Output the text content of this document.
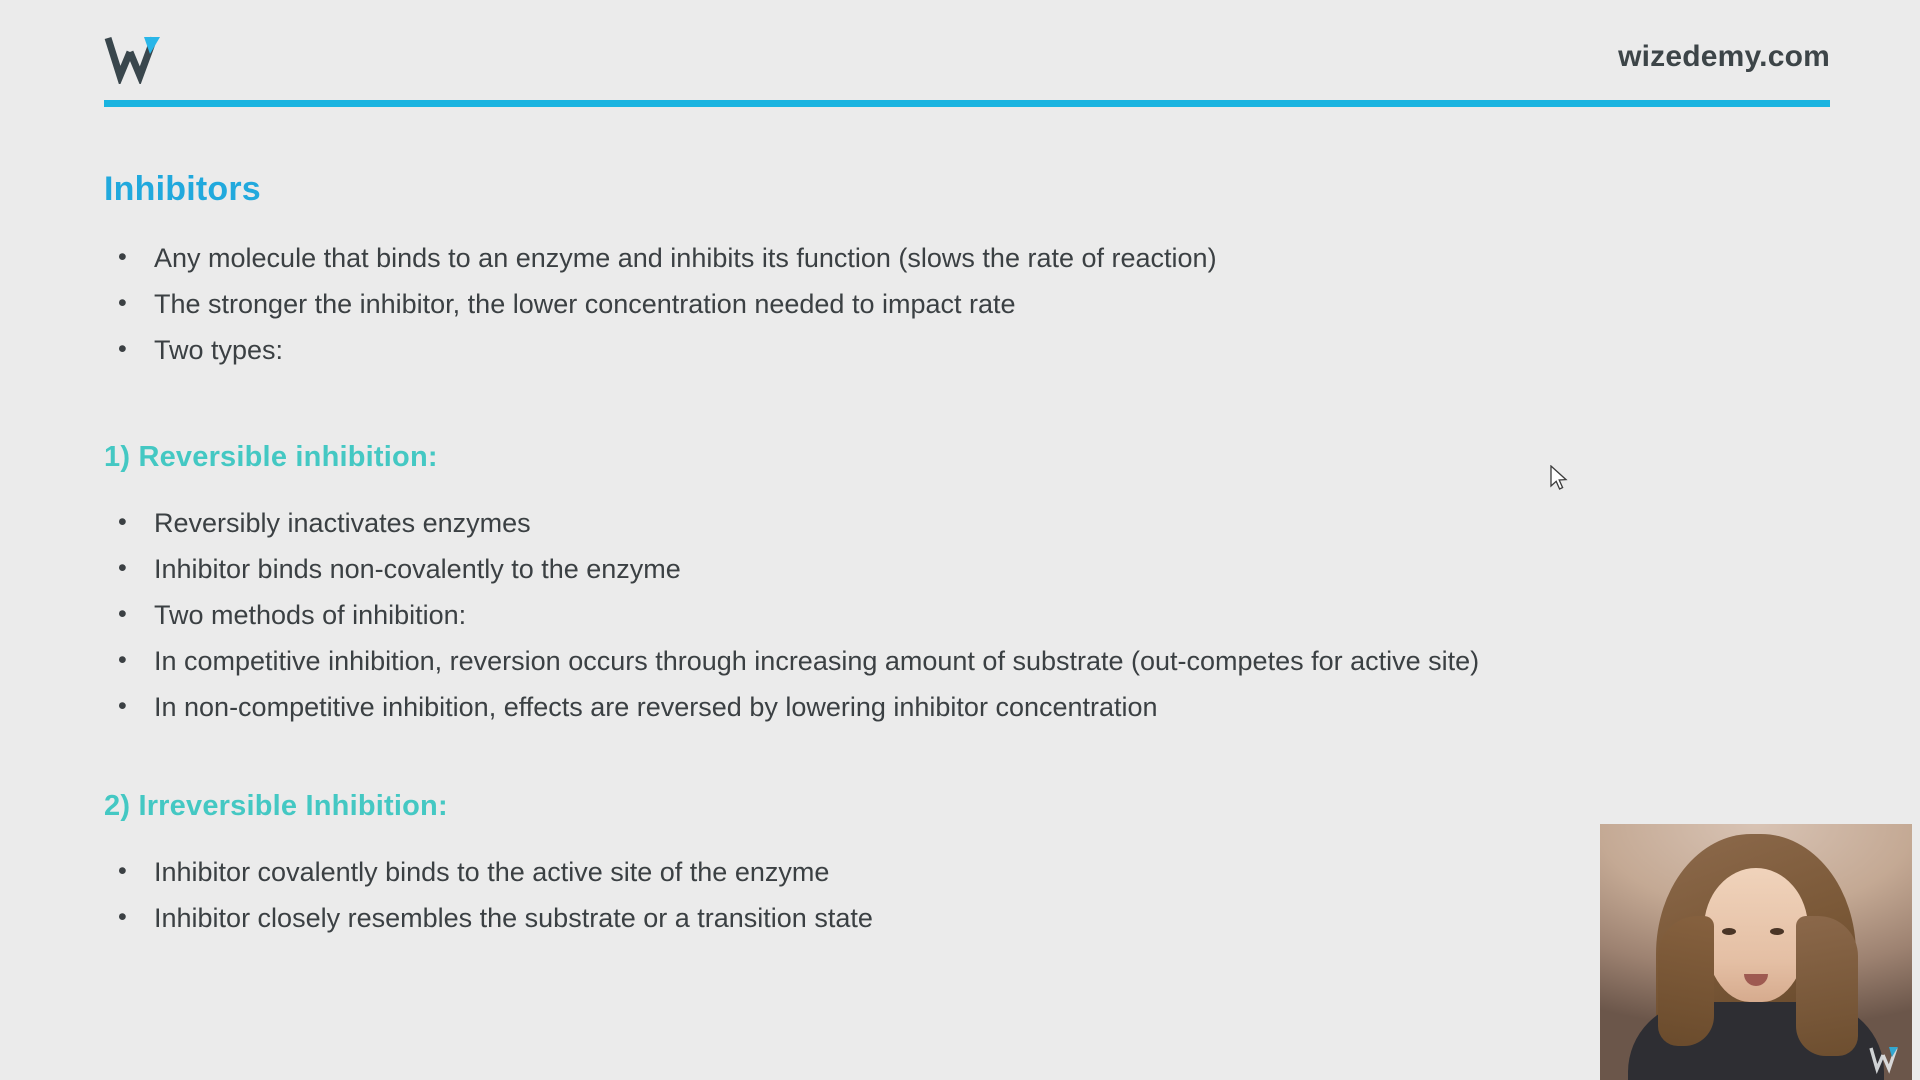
wizedemy.com
Inhibitors
• Any molecule that binds to an enzyme and inhibits its function (slows the rate of reaction)
• The stronger the inhibitor, the lower concentration needed to impact rate
• Two types:
1) Reversible inhibition:
• Reversibly inactivates enzymes
• Inhibitor binds non-covalently to the enzyme
• Two methods of inhibition:
• In competitive inhibition, reversion occurs through increasing amount of substrate (out-competes for active site)
• In non-competitive inhibition, effects are reversed by lowering inhibitor concentration
2) Irreversible Inhibition:
• Inhibitor covalently binds to the active site of the enzyme
• Inhibitor closely resembles the substrate or a transition state
